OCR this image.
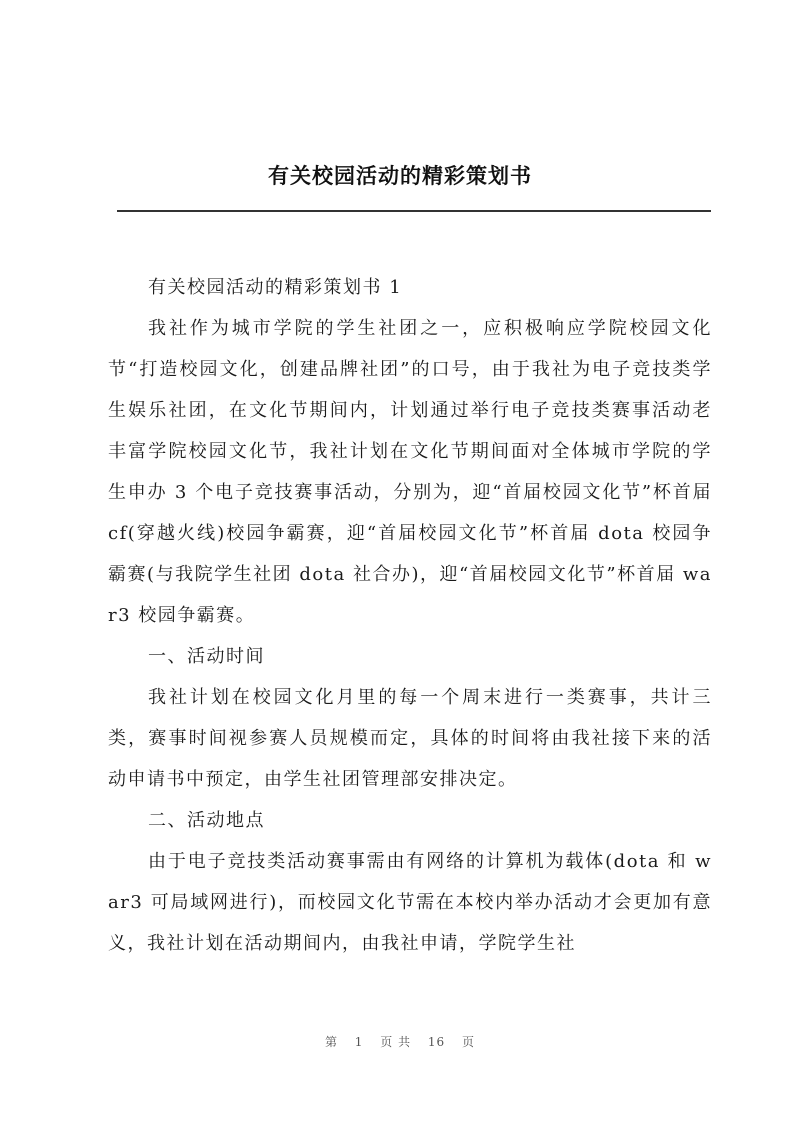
有关校园活动的精彩策划书

有关校园活动的精彩策划书 1

我社作为城市学院的学生社团之一，应积极响应学院校园文化节“打造校园文化，创建品牌社团”的口号，由于我社为电子竞技类学生娱乐社团，在文化节期间内，计划通过举行电子竞技类赛事活动老丰富学院校园文化节，我社计划在文化节期间面对全体城市学院的学生申办 3 个电子竞技赛事活动，分别为，迎“首届校园文化节”杯首届 cf(穿越火线)校园争霸赛，迎“首届校园文化节”杯首届 dota 校园争霸赛(与我院学生社团 dota 社合办)，迎“首届校园文化节”杯首届 war3 校园争霸赛。

一、活动时间

我社计划在校园文化月里的每一个周末进行一类赛事，共计三类，赛事时间视参赛人员规模而定，具体的时间将由我社接下来的活动申请书中预定，由学生社团管理部安排决定。

二、活动地点

由于电子竞技类活动赛事需由有网络的计算机为载体(dota 和 war3 可局域网进行)，而校园文化节需在本校内举办活动才会更加有意义，我社计划在活动期间内，由我社申请，学院学生社

第 1 页 共 16 页
